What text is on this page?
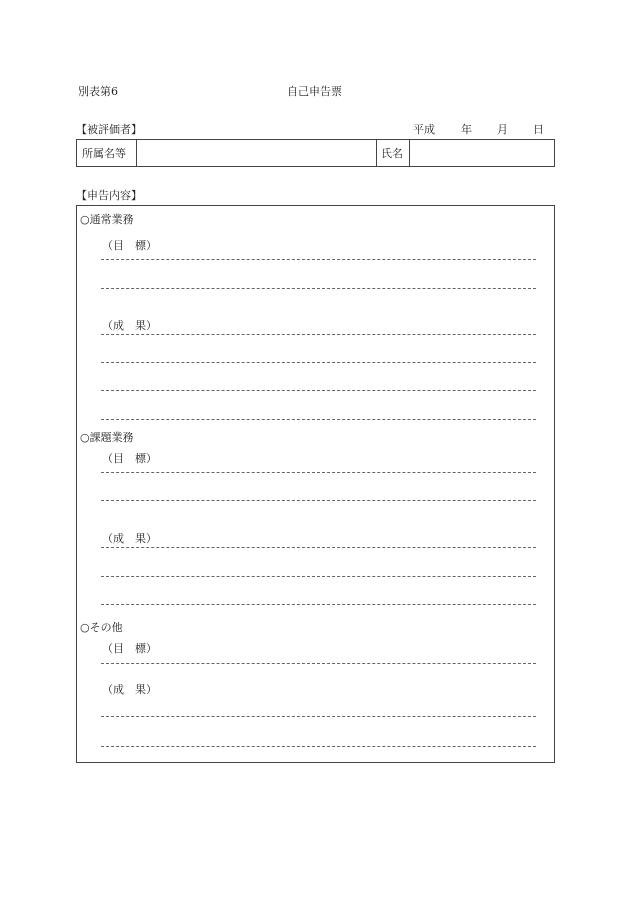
別表第6	自己申告票
【被評価者】	平成 年 月 日
所属名等	氏名
【申告内容】
○通常業務
（目　標）
（成　果）
○課題業務
（目　標）
（成　果）
○その他
（目　標）
（成　果）
